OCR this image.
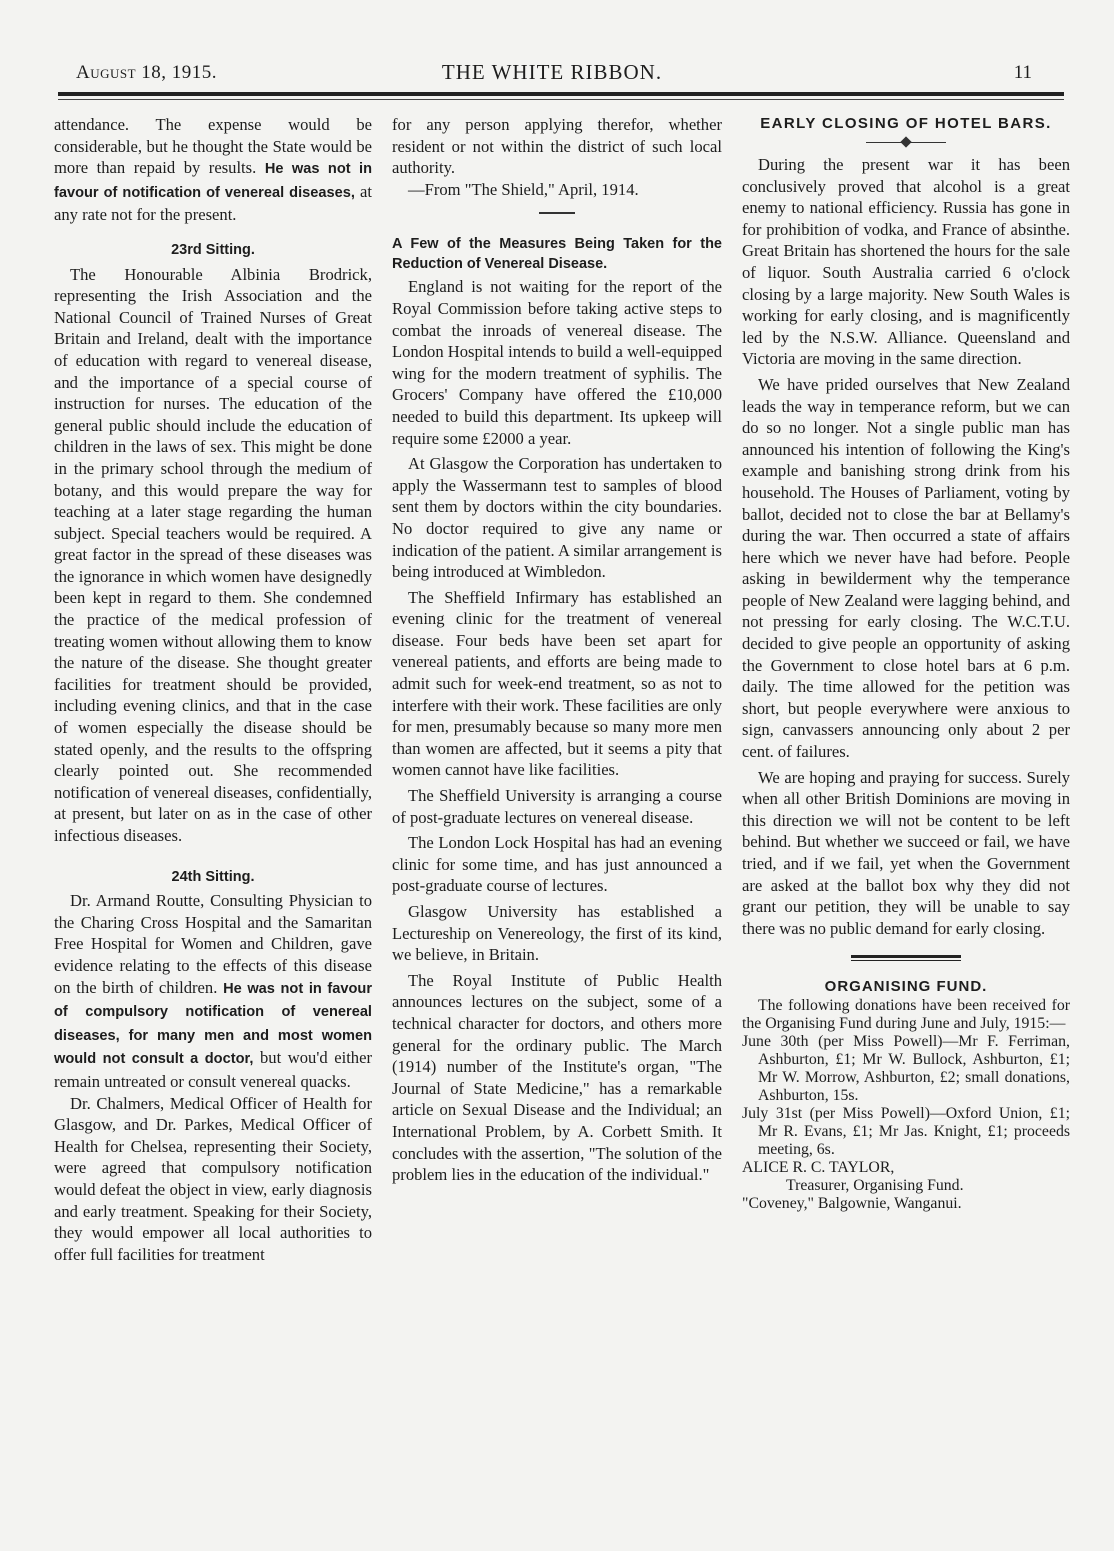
August 18, 1915.	THE WHITE RIBBON.	11

attendance. The expense would be considerable, but he thought the State would be more than repaid by results. He was not in favour of notification of venereal diseases, at any rate not for the present.

23rd Sitting.

The Honourable Albinia Brodrick, representing the Irish Association and the National Council of Trained Nurses of Great Britain and Ireland, dealt with the importance of education with regard to venereal disease, and the importance of a special course of instruction for nurses. The education of the general public should include the education of children in the laws of sex. This might be done in the primary school through the medium of botany, and this would prepare the way for teaching at a later stage regarding the human subject. Special teachers would be required. A great factor in the spread of these diseases was the ignorance in which women have designedly been kept in regard to them. She condemned the practice of the medical profession of treating women without allowing them to know the nature of the disease. She thought greater facilities for treatment should be provided, including evening clinics, and that in the case of women especially the disease should be stated openly, and the results to the offspring clearly pointed out. She recommended notification of venereal diseases, confidentially, at present, but later on as in the case of other infectious diseases.

24th Sitting.

Dr. Armand Routte, Consulting Physician to the Charing Cross Hospital and the Samaritan Free Hospital for Women and Children, gave evidence relating to the effects of this disease on the birth of children. He was not in favour of compulsory notification of venereal diseases, for many men and most women would not consult a doctor, but wou'd either remain untreated or consult venereal quacks.

Dr. Chalmers, Medical Officer of Health for Glasgow, and Dr. Parkes, Medical Officer of Health for Chelsea, representing their Society, were agreed that compulsory notification would defeat the object in view, early diagnosis and early treatment. Speaking for their Society, they would empower all local authorities to offer full facilities for treatment

for any person applying therefor, whether resident or not within the district of such local authority.

—From "The Shield," April, 1914.

A Few of the Measures Being Taken for the Reduction of Venereal Disease.

England is not waiting for the report of the Royal Commission before taking active steps to combat the inroads of venereal disease. The London Hospital intends to build a well-equipped wing for the modern treatment of syphilis. The Grocers' Company have offered the £10,000 needed to build this department. Its upkeep will require some £2000 a year.

At Glasgow the Corporation has undertaken to apply the Wassermann test to samples of blood sent them by doctors within the city boundaries. No doctor required to give any name or indication of the patient. A similar arrangement is being introduced at Wimbledon.

The Sheffield Infirmary has established an evening clinic for the treatment of venereal disease. Four beds have been set apart for venereal patients, and efforts are being made to admit such for week-end treatment, so as not to interfere with their work. These facilities are only for men, presumably because so many more men than women are affected, but it seems a pity that women cannot have like facilities.

The Sheffield University is arranging a course of post-graduate lectures on venereal disease.

The London Lock Hospital has had an evening clinic for some time, and has just announced a post-graduate course of lectures.

Glasgow University has established a Lectureship on Venereology, the first of its kind, we believe, in Britain.

The Royal Institute of Public Health announces lectures on the subject, some of a technical character for doctors, and others more general for the ordinary public. The March (1914) number of the Institute's organ, "The Journal of State Medicine," has a remarkable article on Sexual Disease and the Individual; an International Problem, by A. Corbett Smith. It concludes with the assertion, "The solution of the problem lies in the education of the individual."

EARLY CLOSING OF HOTEL BARS.

During the present war it has been conclusively proved that alcohol is a great enemy to national efficiency. Russia has gone in for prohibition of vodka, and France of absinthe. Great Britain has shortened the hours for the sale of liquor. South Australia carried 6 o'clock closing by a large majority. New South Wales is working for early closing, and is magnificently led by the N.S.W. Alliance. Queensland and Victoria are moving in the same direction.

We have prided ourselves that New Zealand leads the way in temperance reform, but we can do so no longer. Not a single public man has announced his intention of following the King's example and banishing strong drink from his household. The Houses of Parliament, voting by ballot, decided not to close the bar at Bellamy's during the war. Then occurred a state of affairs here which we never have had before. People asking in bewilderment why the temperance people of New Zealand were lagging behind, and not pressing for early closing. The W.C.T.U. decided to give people an opportunity of asking the Government to close hotel bars at 6 p.m. daily. The time allowed for the petition was short, but people everywhere were anxious to sign, canvassers announcing only about 2 per cent. of failures.

We are hoping and praying for success. Surely when all other British Dominions are moving in this direction we will not be content to be left behind. But whether we succeed or fail, we have tried, and if we fail, yet when the Government are asked at the ballot box why they did not grant our petition, they will be unable to say there was no public demand for early closing.

ORGANISING FUND.

The following donations have been received for the Organising Fund during June and July, 1915:—

June 30th (per Miss Powell)—Mr F. Ferriman, Ashburton, £1; Mr W. Bullock, Ashburton, £1; Mr W. Morrow, Ashburton, £2; small donations, Ashburton, 15s.

July 31st (per Miss Powell)—Oxford Union, £1; Mr R. Evans, £1; Mr Jas. Knight, £1; proceeds meeting, 6s.

ALICE R. C. TAYLOR,

Treasurer, Organising Fund.

"Coveney," Balgownie, Wanganui.
